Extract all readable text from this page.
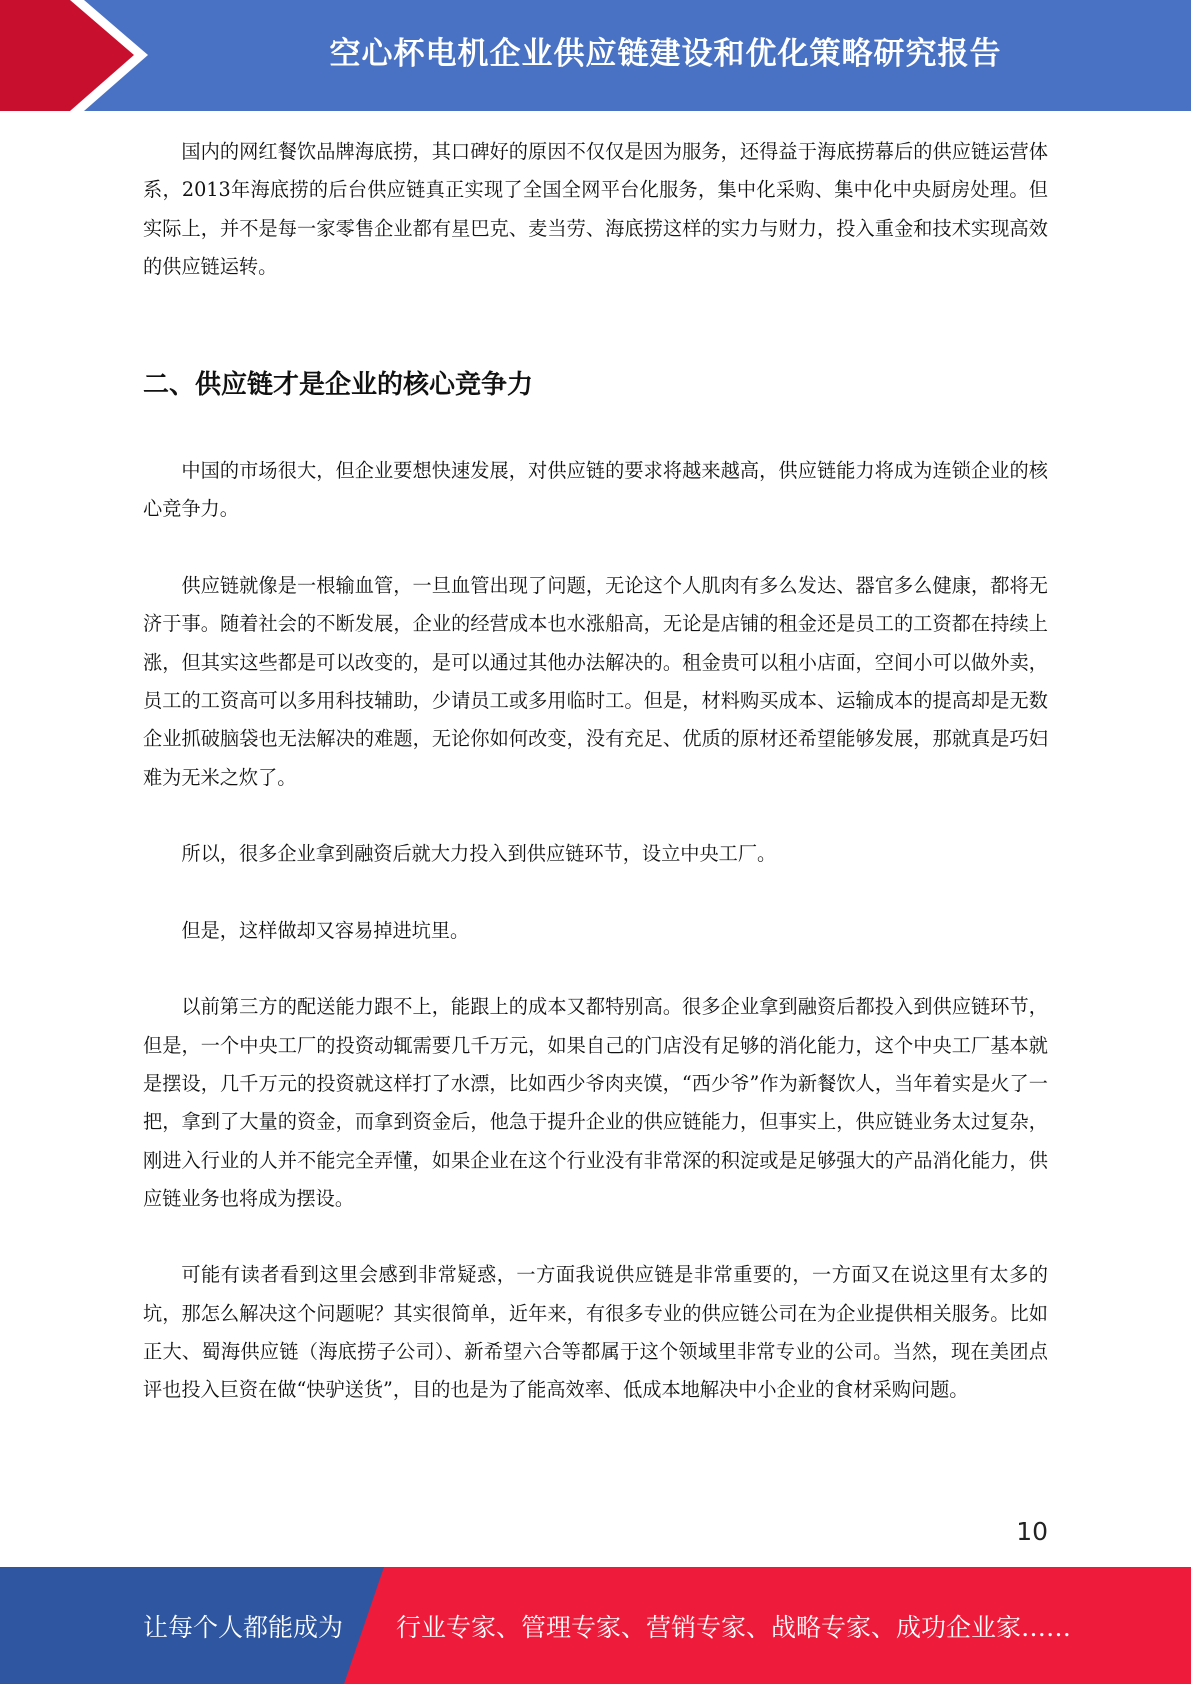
空心杯电机企业供应链建设和优化策略研究报告

国内的网红餐饮品牌海底捞，其口碑好的原因不仅仅是因为服务，还得益于海底捞幕后的供应链运营体系，2013年海底捞的后台供应链真正实现了全国全网平台化服务，集中化采购、集中化中央厨房处理。但实际上，并不是每一家零售企业都有星巴克、麦当劳、海底捞这样的实力与财力，投入重金和技术实现高效的供应链运转。

二、供应链才是企业的核心竞争力

中国的市场很大，但企业要想快速发展，对供应链的要求将越来越高，供应链能力将成为连锁企业的核心竞争力。

供应链就像是一根输血管，一旦血管出现了问题，无论这个人肌肉有多么发达、器官多么健康，都将无济于事。随着社会的不断发展，企业的经营成本也水涨船高，无论是店铺的租金还是员工的工资都在持续上涨，但其实这些都是可以改变的，是可以通过其他办法解决的。租金贵可以租小店面，空间小可以做外卖，员工的工资高可以多用科技辅助，少请员工或多用临时工。但是，材料购买成本、运输成本的提高却是无数企业抓破脑袋也无法解决的难题，无论你如何改变，没有充足、优质的原材还希望能够发展，那就真是巧妇难为无米之炊了。

所以，很多企业拿到融资后就大力投入到供应链环节，设立中央工厂。

但是，这样做却又容易掉进坑里。

以前第三方的配送能力跟不上，能跟上的成本又都特别高。很多企业拿到融资后都投入到供应链环节，但是，一个中央工厂的投资动辄需要几千万元，如果自己的门店没有足够的消化能力，这个中央工厂基本就是摆设，几千万元的投资就这样打了水漂，比如西少爷肉夹馍，“西少爷”作为新餐饮人，当年着实是火了一把，拿到了大量的资金，而拿到资金后，他急于提升企业的供应链能力，但事实上，供应链业务太过复杂，刚进入行业的人并不能完全弄懂，如果企业在这个行业没有非常深的积淀或是足够强大的产品消化能力，供应链业务也将成为摆设。

可能有读者看到这里会感到非常疑惑，一方面我说供应链是非常重要的，一方面又在说这里有太多的坑，那怎么解决这个问题呢？其实很简单，近年来，有很多专业的供应链公司在为企业提供相关服务。比如正大、蜀海供应链（海底捞子公司）、新希望六合等都属于这个领域里非常专业的公司。当然，现在美团点评也投入巨资在做“快驴送货”，目的也是为了能高效率、低成本地解决中小企业的食材采购问题。

10
让每个人都能成为 行业专家、管理专家、营销专家、战略专家、成功企业家……
